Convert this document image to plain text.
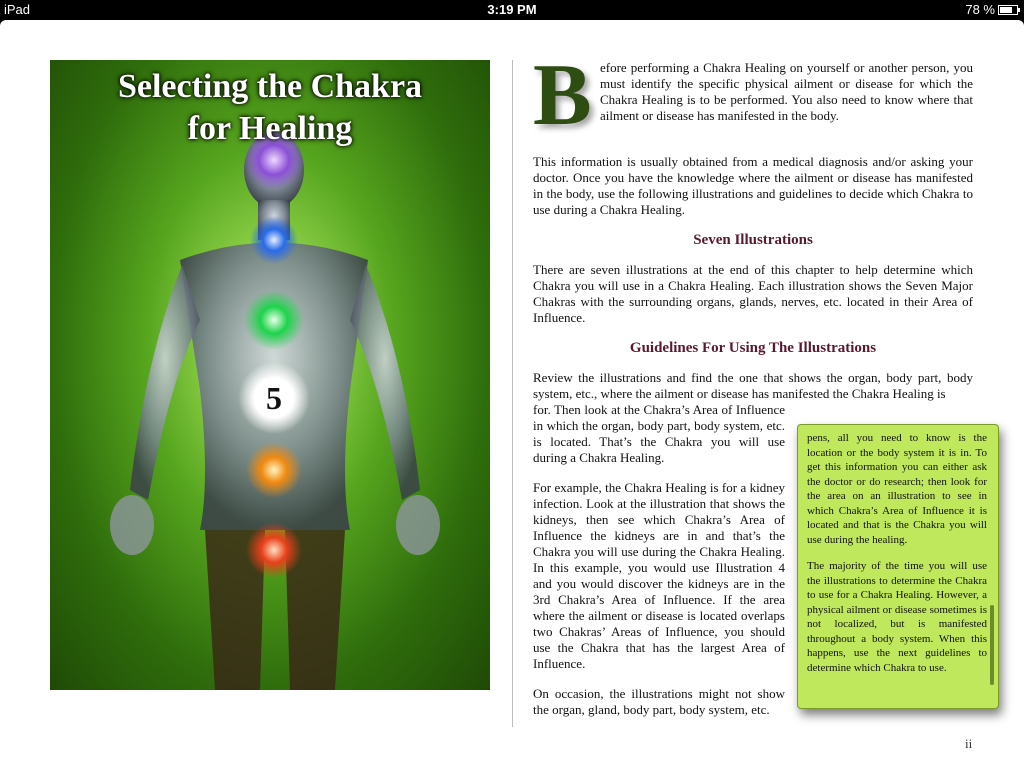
iPad	3:19 PM	78 %
Selecting the Chakra
for Healing
5
B efore performing a Chakra Healing on yourself or another person, you must identify the specific physical ailment or disease for which the Chakra Healing is to be performed. You also need to know where that ailment or disease has manifested in the body.

This information is usually obtained from a medical diagnosis and/or asking your doctor. Once you have the knowledge where the ailment or disease has manifested in the body, use the following illustrations and guidelines to decide which Chakra to use during a Chakra Healing.

Seven Illustrations

There are seven illustrations at the end of this chapter to help determine which Chakra you will use in a Chakra Healing. Each illustration shows the Seven Major Chakras with the surrounding organs, glands, nerves, etc. located in their Area of Influence.

Guidelines For Using The Illustrations

Review the illustrations and find the one that shows the organ, body part, body system, etc., where the ailment or disease has manifested the Chakra Healing is

for. Then look at the Chakra’s Area of Influence in which the organ, body part, body system, etc. is located. That’s the Chakra you will use during a Chakra Healing.

For example, the Chakra Healing is for a kidney infection. Look at the illustration that shows the kidneys, then see which Chakra’s Area of Influence the kidneys are in and that’s the Chakra you will use during the Chakra Healing. In this example, you would use Illustration 4 and you would discover the kidneys are in the 3rd Chakra’s Area of Influence. If the area where the ailment or disease is located overlaps two Chakras’ Areas of Influence, you should use the Chakra that has the largest Area of Influence.

On occasion, the illustrations might not show the organ, gland, body part, body system, etc.

pens, all you need to know is the location or the body system it is in. To get this information you can either ask the doctor or do research; then look for the area on an illustration to see in which Chakra’s Area of Influence it is located and that is the Chakra you will use during the healing.

The majority of the time you will use the illustrations to determine the Chakra to use for a Chakra Healing. However, a physical ailment or disease sometimes is not localized, but is manifested throughout a body system. When this happens, use the next guidelines to determine which Chakra to use.

ii
